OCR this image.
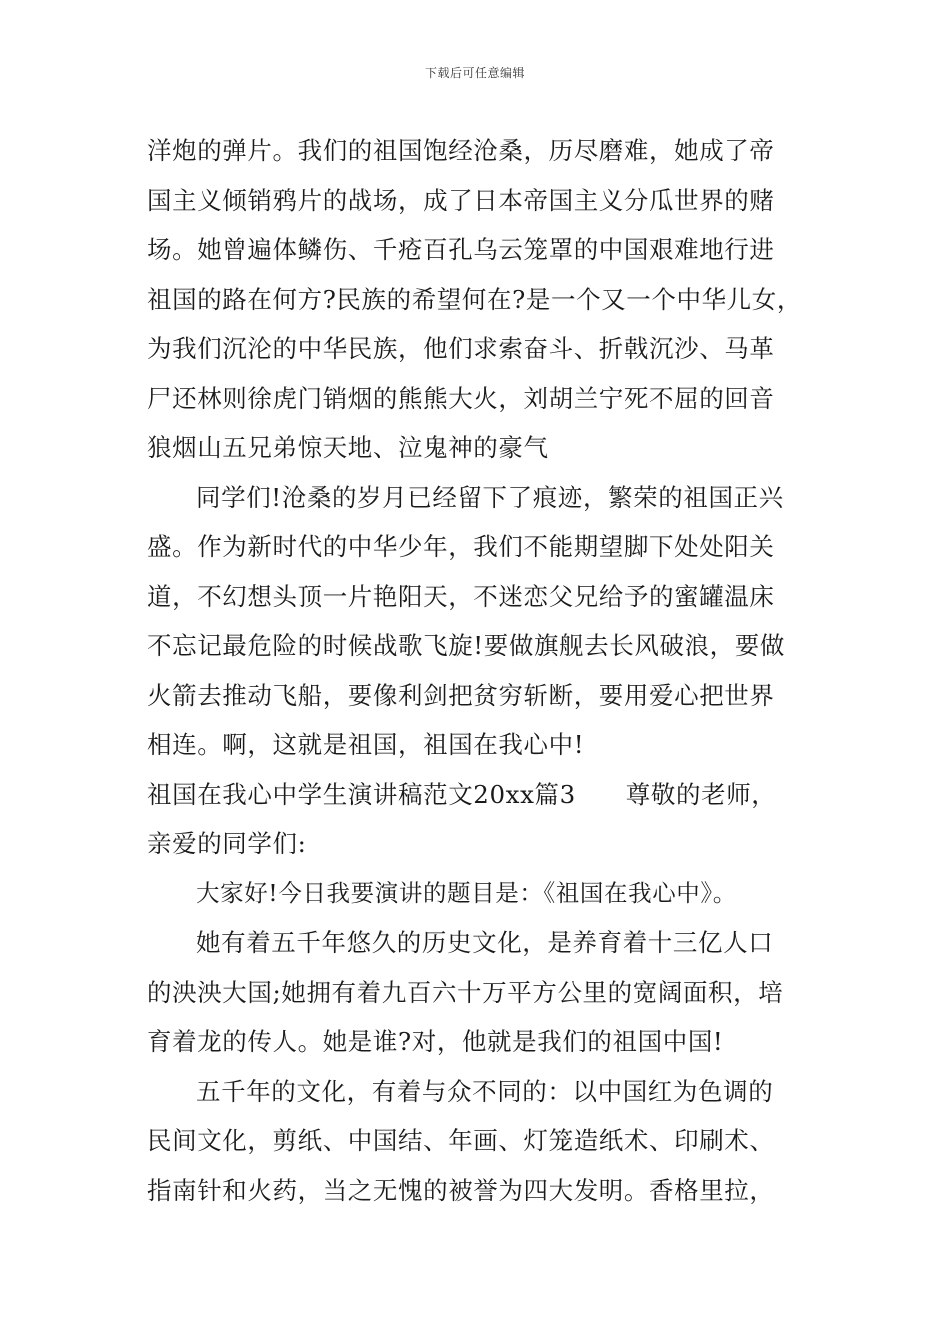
下载后可任意编辑
洋炮的弹片。我们的祖国饱经沧桑，历尽磨难，她成了帝
国主义倾销鸦片的战场，成了日本帝国主义分瓜世界的赌
场。她曾遍体鳞伤、千疮百孔乌云笼罩的中国艰难地行进
祖国的路在何方?民族的希望何在?是一个又一个中华儿女，
为我们沉沦的中华民族，他们求索奋斗、折戟沉沙、马革
尸还林则徐虎门销烟的熊熊大火，刘胡兰宁死不屈的回音
狼烟山五兄弟惊天地、泣鬼神的豪气
同学们!沧桑的岁月已经留下了痕迹，繁荣的祖国正兴
盛。作为新时代的中华少年，我们不能期望脚下处处阳关
道，不幻想头顶一片艳阳天，不迷恋父兄给予的蜜罐温床
不忘记最危险的时候战歌飞旋!要做旗舰去长风破浪，要做
火箭去推动飞船，要像利剑把贫穷斩断，要用爱心把世界
相连。啊，这就是祖国，祖国在我心中!
祖国在我心中学生演讲稿范文20xx篇3 尊敬的老师，
亲爱的同学们:
大家好!今日我要演讲的题目是：《祖国在我心中》。
她有着五千年悠久的历史文化，是养育着十三亿人口
的泱泱大国;她拥有着九百六十万平方公里的宽阔面积，培
育着龙的传人。她是谁?对，他就是我们的祖国中国!
五千年的文化，有着与众不同的：以中国红为色调的
民间文化，剪纸、中国结、年画、灯笼造纸术、印刷术、
指南针和火药，当之无愧的被誉为四大发明。香格里拉，
